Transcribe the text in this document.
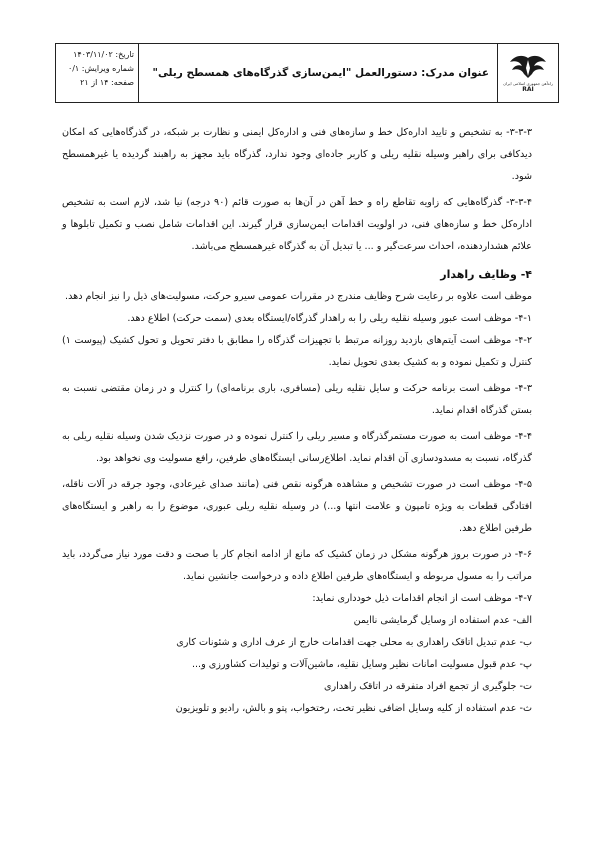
تاریخ: ۱۴۰۳/۱۱/۰۲
شماره ویرایش: ۰/۱
صفحه: ۱۴ از ۲۱
عنوان مدرک: دستورالعمل "ایمن‌سازی گذرگاه‌های همسطح ریلی"
راه‌آهن جمهوری اسلامی ایران
RAI

۳-۳-۳- به تشخیص و تایید اداره‌کل خط و سازه‌های فنی و اداره‌کل ایمنی و نظارت بر شبکه، در گذرگاه‌هایی که امکان دیدکافی برای راهبر وسیله نقلیه ریلی و کاربر جاده‌ای وجود ندارد، گذرگاه باید مجهز به راهبند گردیده یا غیرهمسطح شود.

۳-۳-۴- گذرگاه‌هایی که زاویه تقاطع راه و خط آهن در آن‌ها به صورت قائم (۹۰ درجه) نیا شد، لازم است به تشخیص اداره‌کل خط و سازه‌های فنی، در اولویت اقدامات ایمن‌سازی قرار گیرند. این اقدامات شامل نصب و تکمیل تابلوها و علائم هشداردهنده، احداث سرعت‌گیر و ... یا تبدیل آن به گذرگاه غیرهمسطح می‌باشد.

۴- وظایف راهدار

موظف است علاوه بر رعایت شرح وظایف مندرج در مقررات عمومی سیرو حرکت، مسولیت‌های ذیل را نیز انجام دهد.

۴-۱- موظف است عبور وسیله نقلیه ریلی را به راهدار گذرگاه/ایستگاه بعدی (سمت حرکت) اطلاع دهد.

۴-۲- موظف است آیتم‌های بازدید روزانه مرتبط با تجهیزات گذرگاه را مطابق با دفتر تحویل و تحول کشیک (پیوست ۱) کنترل و تکمیل نموده و به کشیک بعدی تحویل نماید.

۴-۳- موظف است برنامه حرکت و سایل نقلیه ریلی (مسافری، باری برنامه‌ای) را کنترل و در زمان مقتضی نسبت به بستن گذرگاه اقدام نماید.

۴-۴- موظف است به صورت مستمرگذرگاه و مسیر ریلی را کنترل نموده و در صورت نزدیک شدن وسیله نقلیه ریلی به گذرگاه، نسبت به مسدودسازی آن اقدام نماید. اطلاع‌رسانی ایستگاه‌های طرفین، رافع مسولیت وی نخواهد بود.

۴-۵- موظف است در صورت تشخیص و مشاهده هرگونه نقص فنی (مانند صدای غیرعادی، وجود جرقه در آلات ناقله، افتادگی قطعات به ویژه تامپون و علامت انتها و...) در وسیله نقلیه ریلی عبوری، موضوع را به راهبر و ایستگاه‌های طرفین اطلاع دهد.

۴-۶- در صورت بروز هرگونه مشکل در زمان کشیک که مانع از ادامه انجام کار با صحت و دقت مورد نیاز می‌گردد، باید مراتب را به مسول مربوطه و ایستگاه‌های طرفین اطلاع داده و درخواست جانشین نماید.

۴-۷- موظف است از انجام اقدامات ذیل خودداری نماید:

الف- عدم استفاده از وسایل گرمایشی ناایمن

ب- عدم تبدیل اتاقک راهداری به محلی جهت اقدامات خارج از عرف اداری و شئونات کاری

پ- عدم قبول مسولیت امانات نظیر وسایل نقلیه، ماشین‌آلات و تولیدات کشاورزی و...

ت- جلوگیری از تجمع افراد متفرقه در اتاقک راهداری

ث- عدم استفاده از کلیه وسایل اضافی نظیر تخت، رختخواب، پتو و بالش، رادیو و تلویزیون
